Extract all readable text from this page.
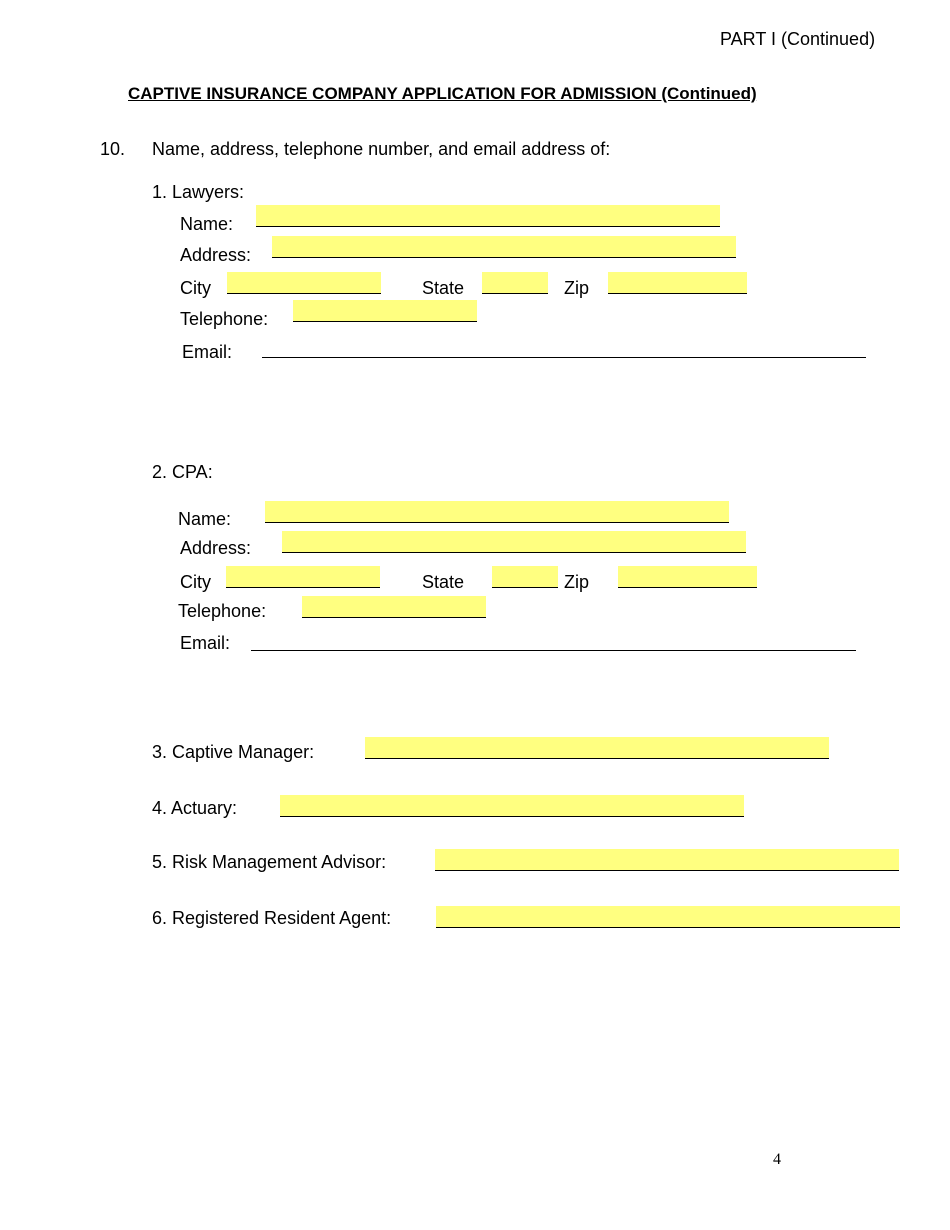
PART I (Continued)
CAPTIVE INSURANCE COMPANY APPLICATION FOR ADMISSION (Continued)
10. Name, address, telephone number, and email address of:
1. Lawyers:
Name:
Address:
City	State	Zip
Telephone:
Email:
2. CPA:
Name:
Address:
City	State	Zip
Telephone:
Email:
3. Captive Manager:
4. Actuary:
5. Risk Management Advisor:
6. Registered Resident Agent:
4
